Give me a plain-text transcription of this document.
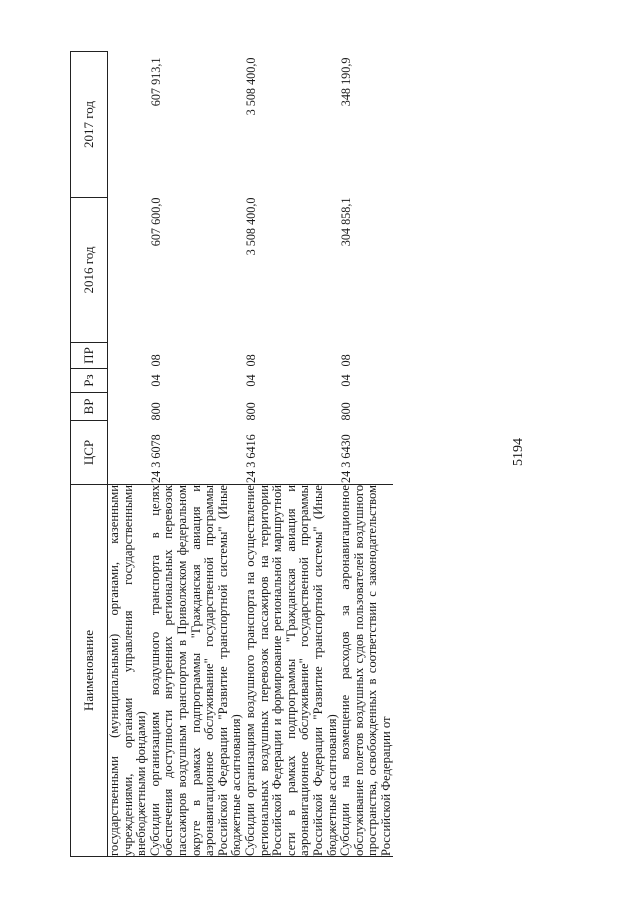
5194
Наименование	ЦСР	ВР	Рз	ПР	2016 год	2017 год
государственными (муниципальными) органами, казенными учреждениями, органами управления государственными внебюджетными фондами)						
Субсидии организациям воздушного транспорта в целях обеспечения доступности внутренних региональных перевозок пассажиров воздушным транспортом в Приволжском федеральном округе в рамках подпрограммы "Гражданская авиация и аэронавигационное обслуживание" государственной программы Российской Федерации "Развитие транспортной системы" (Иные бюджетные ассигнования)	24 3 6078	800	04	08	607 600,0	607 913,1
Субсидии организациям воздушного транспорта на осуществление региональных воздушных перевозок пассажиров на территории Российской Федерации и формирование региональной маршрутной сети в рамках подпрограммы "Гражданская авиация и аэронавигационное обслуживание" государственной программы Российской Федерации "Развитие транспортной системы" (Иные бюджетные ассигнования)	24 3 6416	800	04	08	3 508 400,0	3 508 400,0
Субсидии на возмещение расходов за аэронавигационное обслуживание полетов воздушных судов пользователей воздушного пространства, освобожденных в соответствии с законодательством Российской Федерации от	24 3 6430	800	04	08	304 858,1	348 190,9
